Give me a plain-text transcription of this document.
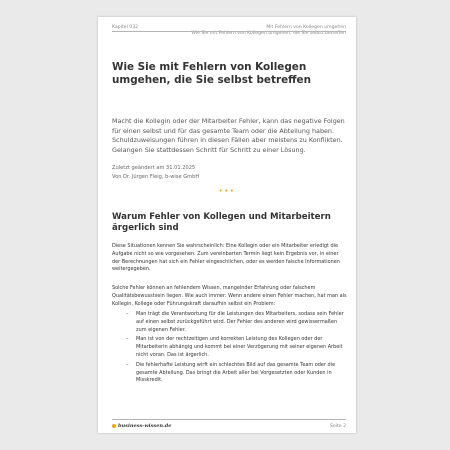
Kapitel 032	Mit Fehlern von Kollegen umgehen
Wie Sie mit Fehlern von Kollegen umgehen, die Sie selbst betreffen
Wie Sie mit Fehlern von Kollegen umgehen, die Sie selbst betreffen
Macht die Kollegin oder der Mitarbeiter Fehler, kann das negative Folgen für einen selbst und für das gesamte Team oder die Abteilung haben. Schuldzuweisungen führen in diesen Fällen aber meistens zu Konflikten. Gelangen Sie stattdessen Schritt für Schritt zu einer Lösung.
Zuletzt geändert am 31.01.2025
Von Dr. Jürgen Fleig, b-wise GmbH
•••
Warum Fehler von Kollegen und Mitarbeitern ärgerlich sind
Diese Situationen kennen Sie wahrscheinlich: Eine Kollegin oder ein Mitarbeiter erledigt die Aufgabe nicht so wie vorgesehen. Zum vereinbarten Termin liegt kein Ergebnis vor, in einer der Berechnungen hat sich ein Fehler eingeschlichen, oder es werden falsche Informationen weitergegeben.
Solche Fehler können an fehlendem Wissen, mangelnder Erfahrung oder falschem Qualitätsbewusstsein liegen. Wie auch immer: Wenn andere einen Fehler machen, hat man als Kollegin, Kollege oder Führungskraft daraufhin selbst ein Problem:
– Man trägt die Verantwortung für die Leistungen des Mitarbeiters, sodass sein Fehler auf einen selbst zurückgeführt wird. Der Fehler des anderen wird gewissermaßen zum eigenen Fehler.
– Man ist von der rechtzeitigen und korrekten Leistung des Kollegen oder der Mitarbeiterin abhängig und kommt bei einer Verzögerung mit seiner eigenen Arbeit nicht voran. Das ist ärgerlich.
– Die fehlerhafte Leistung wirft ein schlechtes Bild auf das gesamte Team oder die gesamte Abteilung. Das bringt die Arbeit aller bei Vorgesetzten oder Kunden in Misskredit.
business-wissen.de	Seite 2
